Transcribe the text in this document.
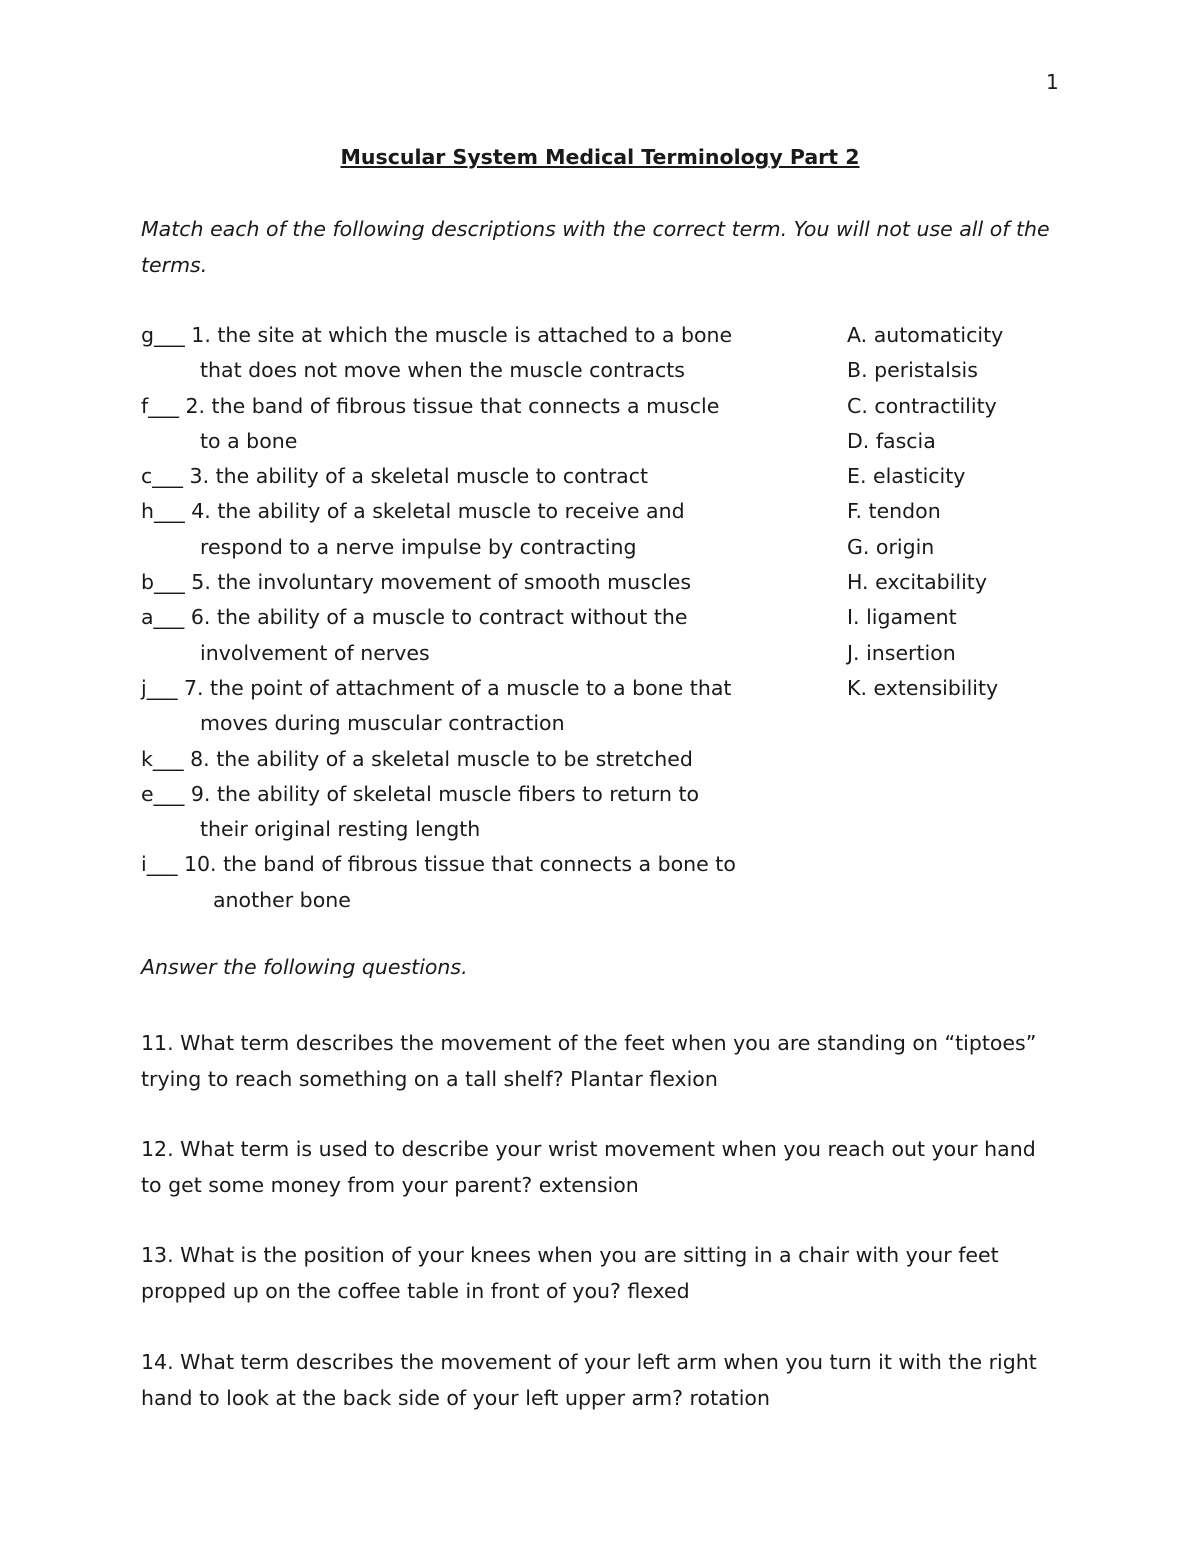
1
Muscular System Medical Terminology Part 2
Match each of the following descriptions with the correct term. You will not use all of the terms.
g___ 1. the site at which the muscle is attached to a bone
that does not move when the muscle contracts
f___ 2. the band of fibrous tissue that connects a muscle
to a bone
c___ 3. the ability of a skeletal muscle to contract
h___ 4. the ability of a skeletal muscle to receive and
respond to a nerve impulse by contracting
b___ 5. the involuntary movement of smooth muscles
a___ 6. the ability of a muscle to contract without the
involvement of nerves
j___ 7. the point of attachment of a muscle to a bone that
moves during muscular contraction
k___ 8. the ability of a skeletal muscle to be stretched
e___ 9. the ability of skeletal muscle fibers to return to
their original resting length
i___ 10. the band of fibrous tissue that connects a bone to
another bone
A. automaticity
B. peristalsis
C. contractility
D. fascia
E. elasticity
F. tendon
G. origin
H. excitability
I. ligament
J. insertion
K. extensibility
Answer the following questions.
11. What term describes the movement of the feet when you are standing on “tiptoes” trying to reach something on a tall shelf? Plantar flexion
12. What term is used to describe your wrist movement when you reach out your hand to get some money from your parent? extension
13. What is the position of your knees when you are sitting in a chair with your feet propped up on the coffee table in front of you? flexed
14. What term describes the movement of your left arm when you turn it with the right hand to look at the back side of your left upper arm? rotation
